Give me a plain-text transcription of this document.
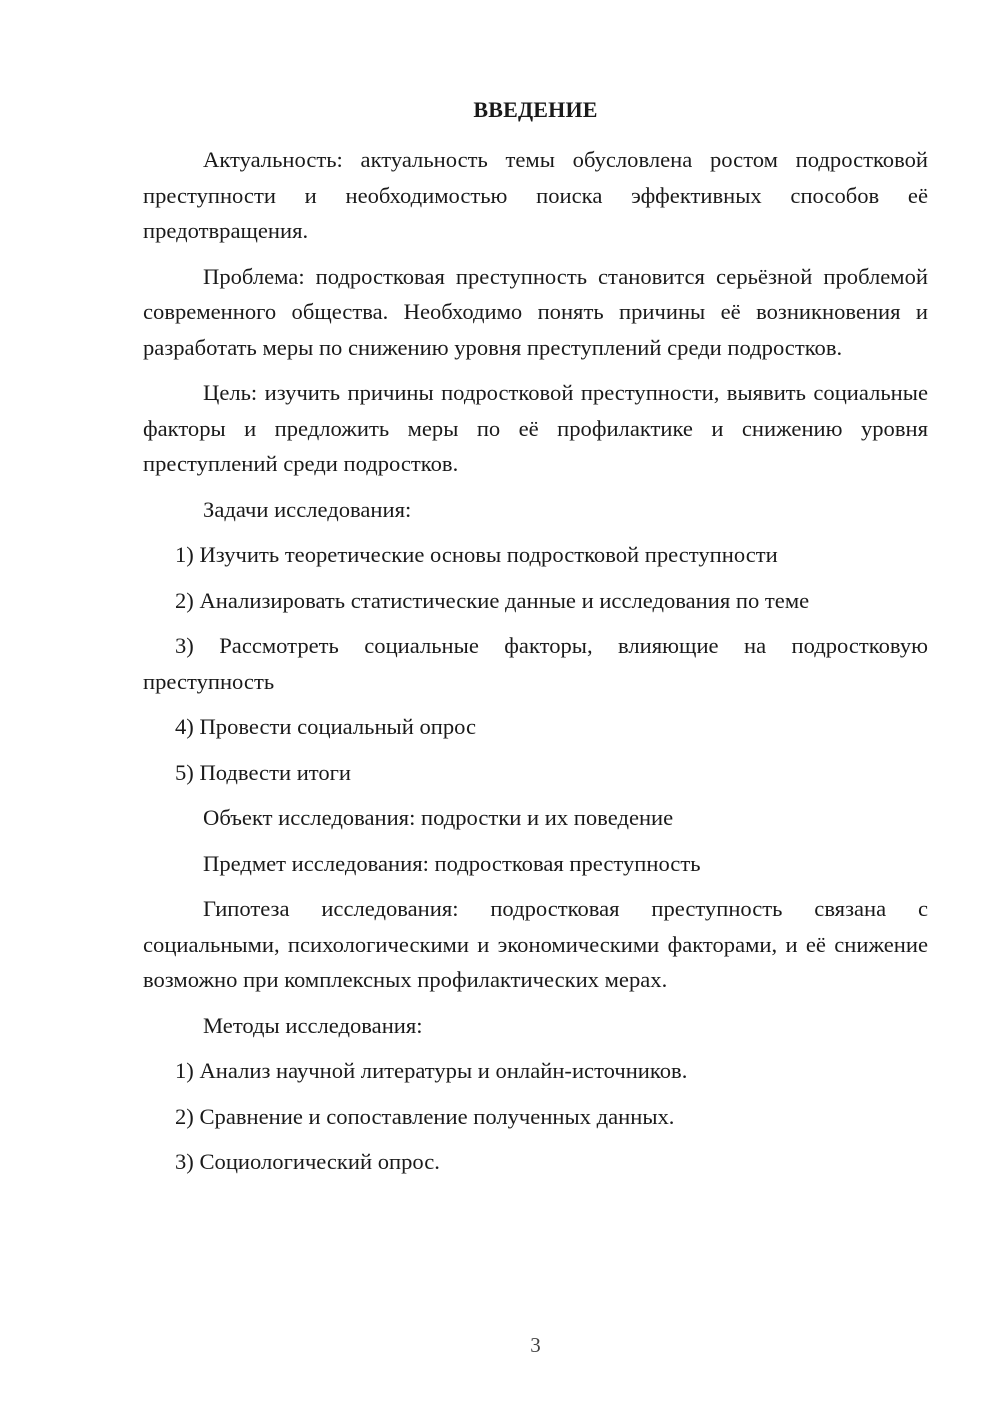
ВВЕДЕНИЕ

Актуальность: актуальность темы обусловлена ростом подростковой преступности и необходимостью поиска эффективных способов её предотвращения.

Проблема: подростковая преступность становится серьёзной проблемой современного общества. Необходимо понять причины её возникновения и разработать меры по снижению уровня преступлений среди подростков.

Цель: изучить причины подростковой преступности, выявить социальные факторы и предложить меры по её профилактике и снижению уровня преступлений среди подростков.

Задачи исследования:

1) Изучить теоретические основы подростковой преступности

2) Анализировать статистические данные и исследования по теме

3) Рассмотреть социальные факторы, влияющие на подростковую преступность

4) Провести социальный опрос

5) Подвести итоги

Объект исследования: подростки и их поведение

Предмет исследования: подростковая преступность

Гипотеза исследования: подростковая преступность связана с социальными, психологическими и экономическими факторами, и её снижение возможно при комплексных профилактических мерах.

Методы исследования:

1) Анализ научной литературы и онлайн-источников.

2) Сравнение и сопоставление полученных данных.

3) Социологический опрос.

3
